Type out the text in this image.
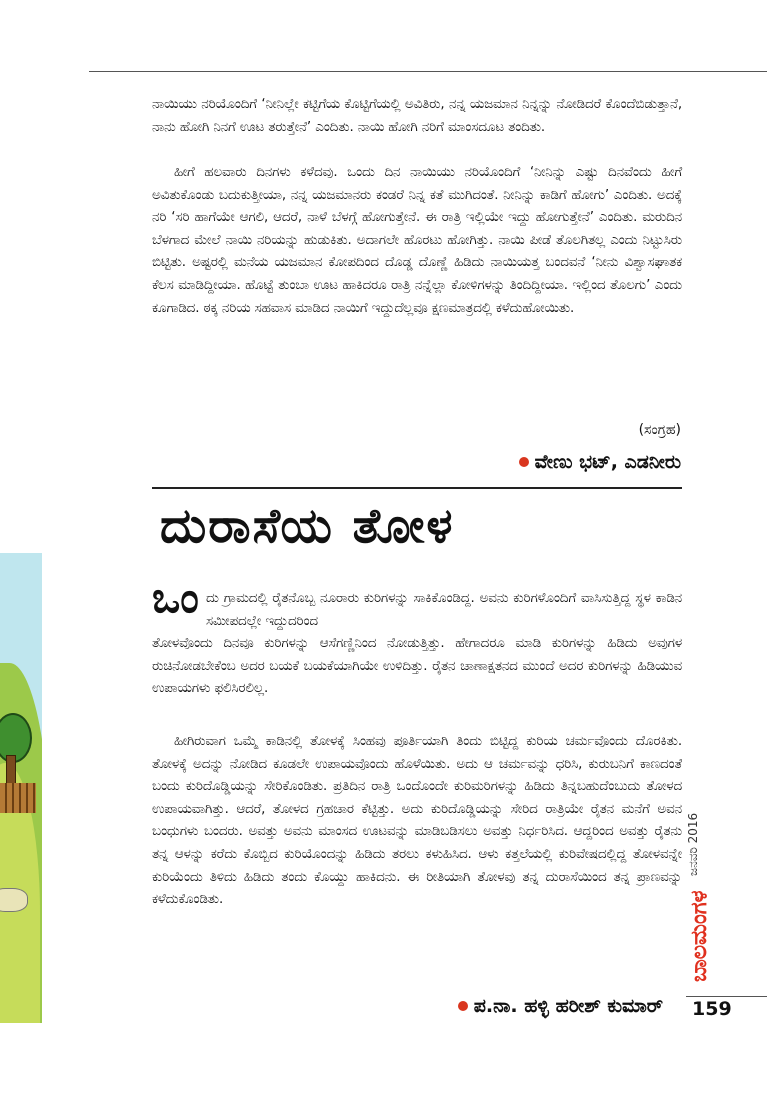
ನಾಯಿಯು ನರಿಯೊಂದಿಗೆ ‘ನೀನಿಲ್ಲೇ ಕಟ್ಟಿಗೆಯ ಕೊಟ್ಟಿಗೆಯಲ್ಲಿ ಅವಿತಿರು, ನನ್ನ ಯಜಮಾನ ನಿನ್ನನ್ನು ನೋಡಿದರೆ ಕೊಂದೆಬಿಡುತ್ತಾನೆ, ನಾನು ಹೋಗಿ ನಿನಗೆ ಊಟ ತರುತ್ತೇನೆ’ ಎಂದಿತು. ನಾಯಿ ಹೋಗಿ ನರಿಗೆ ಮಾಂಸದೂಟ ತಂದಿತು.

ಹೀಗೆ ಹಲವಾರು ದಿನಗಳು ಕಳೆದವು. ಒಂದು ದಿನ ನಾಯಿಯು ನರಿಯೊಂದಿಗೆ ‘ನೀನಿನ್ನು ಎಷ್ಟು ದಿನವೆಂದು ಹೀಗೆ ಅವಿತುಕೊಂಡು ಬದುಕುತ್ತೀಯಾ, ನನ್ನ ಯಜಮಾನರು ಕಂಡರೆ ನಿನ್ನ ಕತೆ ಮುಗಿದಂತೆ. ನೀನಿನ್ನು ಕಾಡಿಗೆ ಹೋಗು’ ಎಂದಿತು. ಅದಕ್ಕೆ ನರಿ ‘ಸರಿ ಹಾಗೆಯೇ ಆಗಲಿ, ಆದರೆ, ನಾಳೆ ಬೆಳಗ್ಗೆ ಹೋಗುತ್ತೇನೆ. ಈ ರಾತ್ರಿ ಇಲ್ಲಿಯೇ ಇದ್ದು ಹೋಗುತ್ತೇನೆ’ ಎಂದಿತು. ಮರುದಿನ ಬೆಳಗಾದ ಮೇಲೆ ನಾಯಿ ನರಿಯನ್ನು ಹುಡುಕಿತು. ಅದಾಗಲೇ ಹೊರಟು ಹೋಗಿತ್ತು. ನಾಯಿ ಪೀಡೆ ತೊಲಗಿತಲ್ಲ ಎಂದು ನಿಟ್ಟುಸಿರು ಬಿಟ್ಟಿತು. ಅಷ್ಟರಲ್ಲಿ ಮನೆಯ ಯಜಮಾನ ಕೋಪದಿಂದ ದೊಡ್ಡ ದೊಣ್ಣೆ ಹಿಡಿದು ನಾಯಿಯತ್ತ ಬಂದವನೆ ‘ನೀನು ವಿಶ್ವಾಸಘಾತಕ ಕೆಲಸ ಮಾಡಿದ್ದೀಯಾ. ಹೊಟ್ಟೆ ತುಂಬಾ ಊಟ ಹಾಕಿದರೂ ರಾತ್ರಿ ನನ್ನೆಲ್ಲಾ ಕೋಳಿಗಳನ್ನು ತಿಂದಿದ್ದೀಯಾ. ಇಲ್ಲಿಂದ ತೊಲಗು’ ಎಂದು ಕೂಗಾಡಿದ. ಠಕ್ಕ ನರಿಯ ಸಹವಾಸ ಮಾಡಿದ ನಾಯಿಗೆ ಇದ್ದುದೆಲ್ಲವೂ ಕ್ಷಣಮಾತ್ರದಲ್ಲಿ ಕಳೆದುಹೋಯಿತು.

(ಸಂಗ್ರಹ)
ವೇಣು ಭಟ್, ಎಡನೀರು
ದುರಾಸೆಯ ತೋಳ
ಒಂ ದು ಗ್ರಾಮದಲ್ಲಿ ರೈತನೊಬ್ಬ ನೂರಾರು ಕುರಿಗಳನ್ನು ಸಾಕಿಕೊಂಡಿದ್ದ. ಅವನು ಕುರಿಗಳೊಂದಿಗೆ ವಾಸಿಸುತ್ತಿದ್ದ ಸ್ಥಳ ಕಾಡಿನ ಸಮೀಪದಲ್ಲೇ ಇದ್ದುದರಿಂದ
ತೋಳವೊಂದು ದಿನವೂ ಕುರಿಗಳನ್ನು ಆಸೆಗಣ್ಣಿನಿಂದ ನೋಡುತ್ತಿತ್ತು. ಹೇಗಾದರೂ ಮಾಡಿ ಕುರಿಗಳನ್ನು ಹಿಡಿದು ಅವುಗಳ ರುಚಿನೋಡಬೇಕೆಂಬ ಅದರ ಬಯಕೆ ಬಯಕೆಯಾಗಿಯೇ ಉಳಿದಿತ್ತು. ರೈತನ ಚಾಣಾಕ್ಷತನದ ಮುಂದೆ ಅದರ ಕುರಿಗಳನ್ನು ಹಿಡಿಯುವ ಉಪಾಯಗಳು ಫಲಿಸಿರಲಿಲ್ಲ.

ಹೀಗಿರುವಾಗ ಒಮ್ಮೆ ಕಾಡಿನಲ್ಲಿ ತೋಳಕ್ಕೆ ಸಿಂಹವು ಪೂರ್ತಿಯಾಗಿ ತಿಂದು ಬಿಟ್ಟಿದ್ದ ಕುರಿಯ ಚರ್ಮವೊಂದು ದೊರಕಿತು. ತೋಳಕ್ಕೆ ಅದನ್ನು ನೋಡಿದ ಕೂಡಲೇ ಉಪಾಯವೊಂದು ಹೊಳೆಯಿತು. ಅದು ಆ ಚರ್ಮವನ್ನು ಧರಿಸಿ, ಕುರುಬನಿಗೆ ಕಾಣದಂತೆ ಬಂದು ಕುರಿದೊಡ್ಡಿಯನ್ನು ಸೇರಿಕೊಂಡಿತು. ಪ್ರತಿದಿನ ರಾತ್ರಿ ಒಂದೊಂದೇ ಕುರಿಮರಿಗಳನ್ನು ಹಿಡಿದು ತಿನ್ನಬಹುದೆಂಬುದು ತೋಳದ ಉಪಾಯವಾಗಿತ್ತು. ಆದರೆ, ತೋಳದ ಗ್ರಹಚಾರ ಕೆಟ್ಟಿತ್ತು. ಅದು ಕುರಿದೊಡ್ಡಿಯನ್ನು ಸೇರಿದ ರಾತ್ರಿಯೇ ರೈತನ ಮನೆಗೆ ಅವನ ಬಂಧುಗಳು ಬಂದರು. ಅವತ್ತು ಅವನು ಮಾಂಸದ ಊಟವನ್ನು ಮಾಡಿಬಡಿಸಲು ಅವತ್ತು ನಿರ್ಧರಿಸಿದ. ಆದ್ದರಿಂದ ಅವತ್ತು ರೈತನು ತನ್ನ ಆಳನ್ನು ಕರೆದು ಕೊಬ್ಬಿದ ಕುರಿಯೊಂದನ್ನು ಹಿಡಿದು ತರಲು ಕಳುಹಿಸಿದ. ಆಳು ಕತ್ತಲೆಯಲ್ಲಿ ಕುರಿವೇಷದಲ್ಲಿದ್ದ ತೋಳವನ್ನೇ ಕುರಿಯೆಂದು ತಿಳಿದು ಹಿಡಿದು ತಂದು ಕೊಯ್ದು ಹಾಕಿದನು. ಈ ರೀತಿಯಾಗಿ ತೋಳವು ತನ್ನ ದುರಾಸೆಯಿಂದ ತನ್ನ ಪ್ರಾಣವನ್ನು ಕಳೆದುಕೊಂಡಿತು.

ಪ.ನಾ. ಹಳ್ಳಿ ಹರೀಶ್ ಕುಮಾರ್
ಜನವರಿ 2016
ಬಾಲಮಂಗಳ
159
